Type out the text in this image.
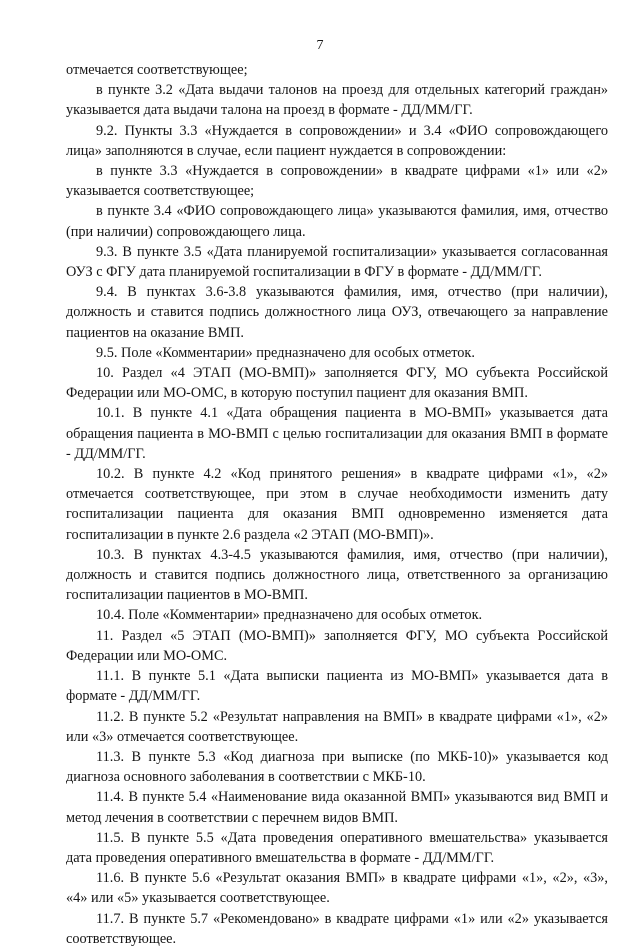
7

отмечается соответствующее;

в пункте 3.2 «Дата выдачи талонов на проезд для отдельных категорий граждан» указывается дата выдачи талона на проезд в формате - ДД/ММ/ГГ.

9.2. Пункты 3.3 «Нуждается в сопровождении» и 3.4 «ФИО сопровождающего лица» заполняются в случае, если пациент нуждается в сопровождении:

в пункте 3.3 «Нуждается в сопровождении» в квадрате цифрами «1» или «2» указывается соответствующее;

в пункте 3.4 «ФИО сопровождающего лица» указываются фамилия, имя, отчество (при наличии) сопровождающего лица.

9.3. В пункте 3.5 «Дата планируемой госпитализации» указывается согласованная ОУЗ с ФГУ дата планируемой госпитализации в ФГУ в формате - ДД/ММ/ГГ.

9.4. В пунктах 3.6-3.8 указываются фамилия, имя, отчество (при наличии), должность и ставится подпись должностного лица ОУЗ, отвечающего за направление пациентов на оказание ВМП.

9.5. Поле «Комментарии» предназначено для особых отметок.

10. Раздел «4 ЭТАП (МО-ВМП)» заполняется ФГУ, МО субъекта Российской Федерации или МО-ОМС, в которую поступил пациент для оказания ВМП.

10.1. В пункте 4.1 «Дата обращения пациента в МО-ВМП» указывается дата обращения пациента в МО-ВМП с целью госпитализации для оказания ВМП в формате - ДД/ММ/ГГ.

10.2. В пункте 4.2 «Код принятого решения» в квадрате цифрами «1», «2» отмечается соответствующее, при этом в случае необходимости изменить дату госпитализации пациента для оказания ВМП одновременно изменяется дата госпитализации в пункте 2.6 раздела «2 ЭТАП (МО-ВМП)».

10.3. В пунктах 4.3-4.5 указываются фамилия, имя, отчество (при наличии), должность и ставится подпись должностного лица, ответственного за организацию госпитализации пациентов в МО-ВМП.

10.4. Поле «Комментарии» предназначено для особых отметок.

11. Раздел «5 ЭТАП (МО-ВМП)» заполняется ФГУ, МО субъекта Российской Федерации или МО-ОМС.

11.1. В пункте 5.1 «Дата выписки пациента из МО-ВМП» указывается дата в формате - ДД/ММ/ГГ.

11.2. В пункте 5.2 «Результат направления на ВМП» в квадрате цифрами «1», «2» или «3» отмечается соответствующее.

11.3. В пункте 5.3 «Код диагноза при выписке (по МКБ-10)» указывается код диагноза основного заболевания в соответствии с МКБ-10.

11.4. В пункте 5.4 «Наименование вида оказанной ВМП» указываются вид ВМП и метод лечения в соответствии с перечнем видов ВМП.

11.5. В пункте 5.5 «Дата проведения оперативного вмешательства» указывается дата проведения оперативного вмешательства в формате - ДД/ММ/ГГ.

11.6. В пункте 5.6 «Результат оказания ВМП» в квадрате цифрами «1», «2», «3», «4» или «5» указывается соответствующее.

11.7. В пункте 5.7 «Рекомендовано» в квадрате цифрами «1» или «2» указывается соответствующее.
